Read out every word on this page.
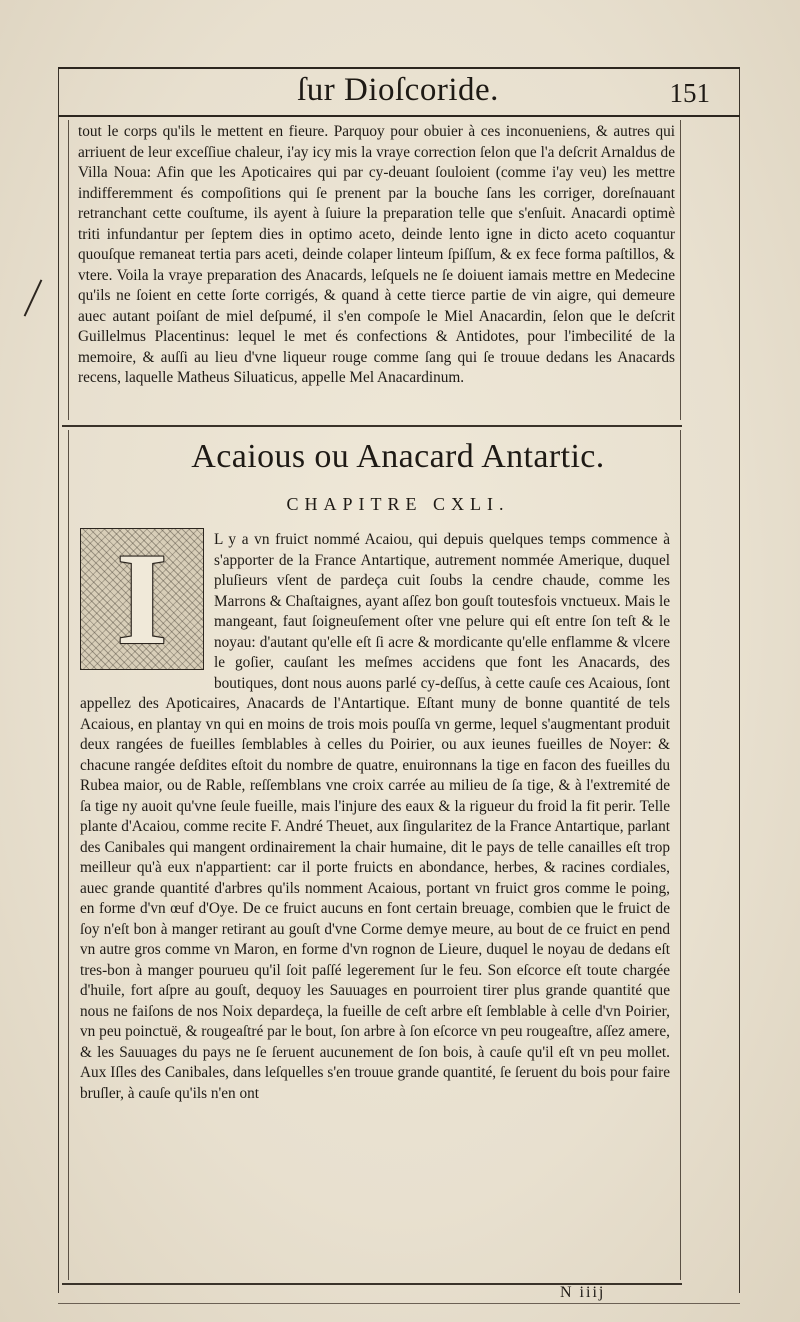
ſur Dioſcoride.	151

tout le corps qu'ils le mettent en fieure. Parquoy pour obuier à ces inconueniens, & autres qui arriuent de leur exceſſiue chaleur, i'ay icy mis la vraye correction ſelon que l'a deſcrit Arnaldus de Villa Noua: Afin que les Apoticaires qui par cy-deuant ſouloient (comme i'ay veu) les mettre indifferemment és compoſitions qui ſe prenent par la bouche ſans les corriger, doreſnauant retranchant cette couſtume, ils ayent à ſuiure la preparation telle que s'enſuit. Anacardi optimè triti infundantur per ſeptem dies in optimo aceto, deinde lento igne in dicto aceto coquantur quouſque remaneat tertia pars aceti, deinde colaper linteum ſpiſſum, & ex fece forma paſtillos, & vtere. Voila la vraye preparation des Anacards, leſquels ne ſe doiuent iamais mettre en Medecine qu'ils ne ſoient en cette ſorte corrigés, & quand à cette tierce partie de vin aigre, qui demeure auec autant poiſant de miel deſpumé, il s'en compoſe le Miel Anacardin, ſelon que le deſcrit Guillelmus Placentinus: lequel le met és confections & Antidotes, pour l'imbecilité de la memoire, & auſſi au lieu d'vne liqueur rouge comme ſang qui ſe trouue dedans les Anacards recens, laquelle Matheus Siluaticus, appelle Mel Anacardinum.

Acaious ou Anacard Antartic.
CHAPITRE CXLI.

L y a vn fruict nommé Acaiou, qui depuis quelques temps commence à s'apporter de la France Antartique, autrement nommée Amerique, duquel pluſieurs vſent de pardeça cuit ſoubs la cendre chaude, comme les Marrons & Chaſtaignes, ayant aſſez bon gouſt toutesfois vnctueux. Mais le mangeant, faut ſoigneuſement oſter vne pelure qui eſt entre ſon teſt & le noyau: d'autant qu'elle eſt ſi acre & mordicante qu'elle enflamme & vlcere le goſier, cauſant les meſmes accidens que font les Anacards, des boutiques, dont nous auons parlé cy-deſſus, à cette cauſe ces Acaious, ſont appellez des Apoticaires, Anacards de l'Antartique. Eſtant muny de bonne quantité de tels Acaious, en plantay vn qui en moins de trois mois pouſſa vn germe, lequel s'augmentant produit deux rangées de fueilles ſemblables à celles du Poirier, ou aux ieunes fueilles de Noyer: & chacune rangée deſdites eſtoit du nombre de quatre, enuironnans la tige en facon des fueilles du Rubea maior, ou de Rable, reſſemblans vne croix carrée au milieu de ſa tige, & à l'extremité de ſa tige ny auoit qu'vne ſeule fueille, mais l'injure des eaux & la rigueur du froid la fit perir. Telle plante d'Acaiou, comme recite F. André Theuet, aux ſingularitez de la France Antartique, parlant des Canibales qui mangent ordinairement la chair humaine, dit le pays de telle canailles eſt trop meilleur qu'à eux n'appartient: car il porte fruicts en abondance, herbes, & racines cordiales, auec grande quantité d'arbres qu'ils nomment Acaious, portant vn fruict gros comme le poing, en forme d'vn œuf d'Oye. De ce fruict aucuns en font certain breuage, combien que le fruict de ſoy n'eſt bon à manger retirant au gouſt d'vne Corme demye meure, au bout de ce fruict en pend vn autre gros comme vn Maron, en forme d'vn rognon de Lieure, duquel le noyau de dedans eſt tres-bon à manger pourueu qu'il ſoit paſſé legerement ſur le feu. Son eſcorce eſt toute chargée d'huile, fort aſpre au gouſt, dequoy les Sauuages en pourroient tirer plus grande quantité que nous ne faiſons de nos Noix depardeça, la fueille de ceſt arbre eſt ſemblable à celle d'vn Poirier, vn peu poinctuë, & rougeaſtré par le bout, ſon arbre à ſon eſcorce vn peu rougeaſtre, aſſez amere, & les Sauuages du pays ne ſe ſeruent aucunement de ſon bois, à cauſe qu'il eſt vn peu mollet. Aux Iſles des Canibales, dans leſquelles s'en trouue grande quantité, ſe ſeruent du bois pour faire bruſler, à cauſe qu'ils n'en ont

I
N iiij
